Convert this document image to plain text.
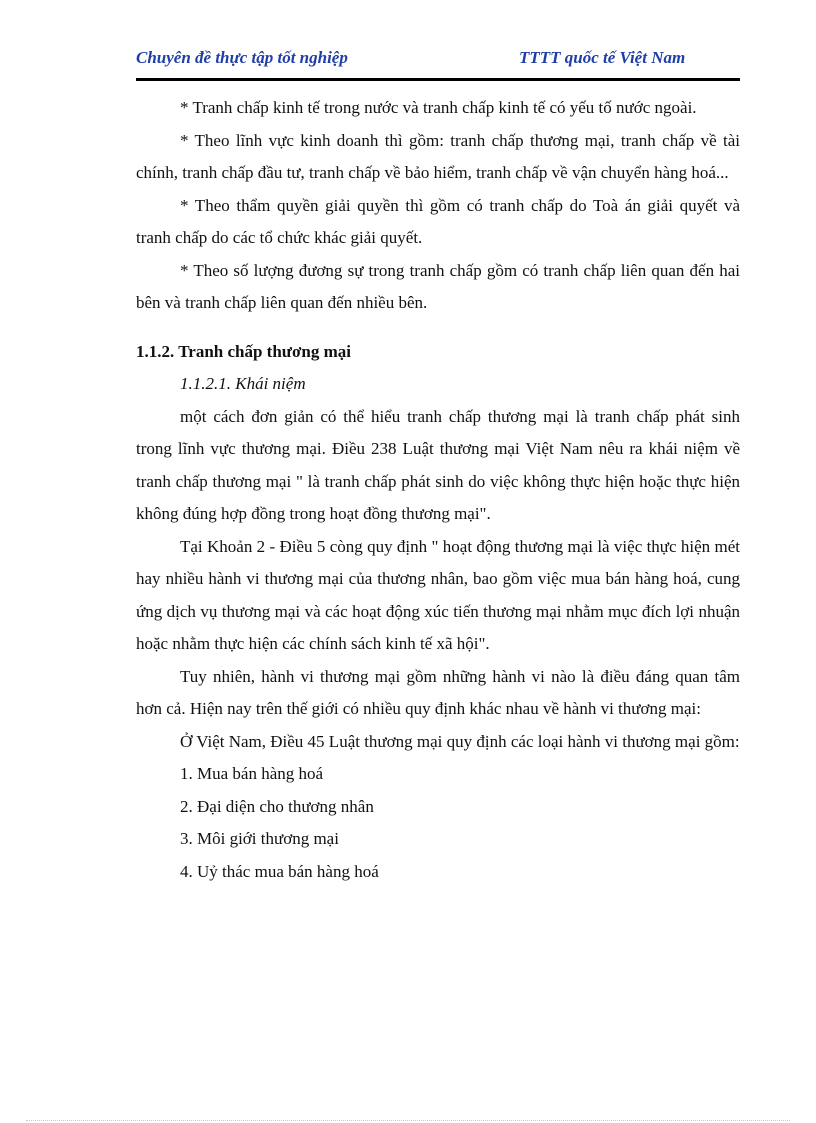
Chuyên đề thực tập tốt nghiệp	TTTT quốc tế Việt Nam

* Tranh chấp kinh tế trong nước và tranh chấp kinh tế có yếu tố nước ngoài.

* Theo lĩnh vực kinh doanh thì gồm: tranh chấp thương mại, tranh chấp về tài chính, tranh chấp đầu tư, tranh chấp về bảo hiểm, tranh chấp về vận chuyển hàng hoá...

* Theo thẩm quyền giải quyền thì gồm có tranh chấp do Toà án giải quyết và tranh chấp do các tổ chức khác giải quyết.

* Theo số lượng đương sự trong tranh chấp gồm có tranh chấp liên quan đến hai bên và tranh chấp liên quan đến nhiều bên.

1.1.2. Tranh chấp thương mại

1.1.2.1. Khái niệm

một cách đơn giản có thể hiểu tranh chấp thương mại là tranh chấp phát sinh trong lĩnh vực thương mại. Điều 238 Luật thương mại Việt Nam nêu ra khái niệm về tranh chấp thương mại " là tranh chấp phát sinh do việc không thực hiện hoặc thực hiện không đúng hợp đồng trong hoạt đồng thương mại".

Tại Khoản 2 - Điều 5 còng quy định " hoạt động thương mại là việc thực hiện mét hay nhiều hành vi thương mại của thương nhân, bao gồm việc mua bán hàng hoá, cung ứng dịch vụ thương mại và các hoạt động xúc tiến thương mại nhằm mục đích lợi nhuận hoặc nhằm thực hiện các chính sách kinh tế xã hội".

Tuy nhiên, hành vi thương mại gồm những hành vi nào là điều đáng quan tâm hơn cả. Hiện nay trên thế giới có nhiều quy định khác nhau về hành vi thương mại:

Ở Việt Nam, Điều 45 Luật thương mại quy định các loại hành vi thương mại gồm:

1. Mua bán hàng hoá
2. Đại diện cho thương nhân
3. Môi giới thương mại
4. Uỷ thác mua bán hàng hoá
